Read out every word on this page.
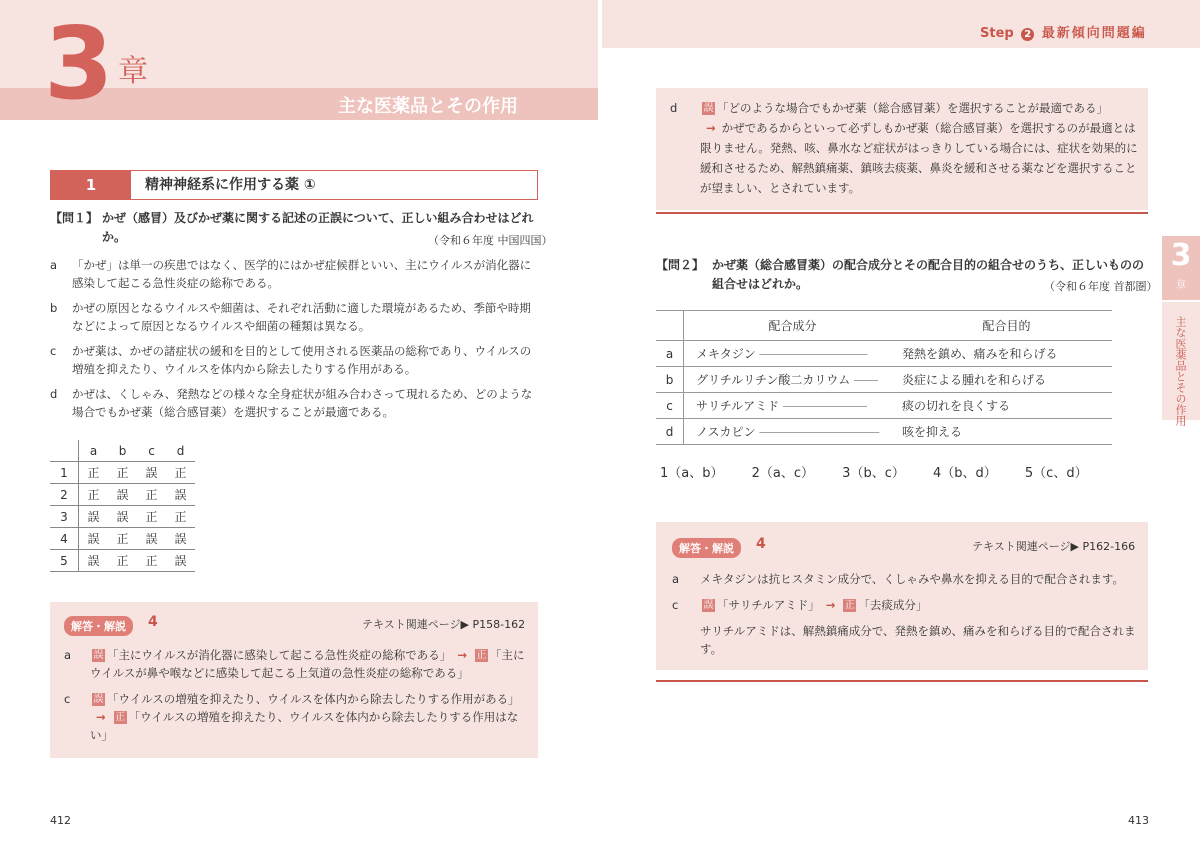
3 章
主な医薬品とその作用
1	精神神経系に作用する薬 ①
【問１】 かぜ（感冒）及びかぜ薬に関する記述の正誤について、正しい組み合わせはどれか。	（令和６年度 中国四国）
a 「かぜ」は単一の疾患ではなく、医学的にはかぜ症候群といい、主にウイルスが消化器に感染して起こる急性炎症の総称である。
b かぜの原因となるウイルスや細菌は、それぞれ活動に適した環境があるため、季節や時期などによって原因となるウイルスや細菌の種類は異なる。
c かぜ薬は、かぜの諸症状の緩和を目的として使用される医薬品の総称であり、ウイルスの増殖を抑えたり、ウイルスを体内から除去したりする作用がある。
d かぜは、くしゃみ、発熱などの様々な全身症状が組み合わさって現れるため、どのような場合でもかぜ薬（総合感冒薬）を選択することが最適である。
	a	b	c	d
1	正	正	誤	正
2	正	誤	正	誤
3	誤	誤	正	正
4	誤	正	誤	誤
5	誤	正	正	誤
解答・解説	4	テキスト関連ページ▶ P158-162
a	誤 「主にウイルスが消化器に感染して起こる急性炎症の総称である」 → 正 「主にウイルスが鼻や喉などに感染して起こる上気道の急性炎症の総称である」
c	誤 「ウイルスの増殖を抑えたり、ウイルスを体内から除去したりする作用がある」→ 正 「ウイルスの増殖を抑えたり、ウイルスを体内から除去したりする作用はない」
412
Step 2 最新傾向問題編
3
章
主な医薬品とその作用
d	誤 「どのような場合でもかぜ薬（総合感冒薬）を選択することが最適である」
→ かぜであるからといって必ずしもかぜ薬（総合感冒薬）を選択するのが最適とは限りません。発熱、咳、鼻水など症状がはっきりしている場合には、症状を効果的に緩和させるため、解熱鎮痛薬、鎮咳去痰薬、鼻炎を緩和させる薬などを選択することが望ましい、とされています。
【問２】 かぜ薬（総合感冒薬）の配合成分とその配合目的の組合せのうち、正しいものの組合せはどれか。	（令和６年度 首都圏）
	配合成分	配合目的
a	メキタジン ―――――――――	発熱を鎮め、痛みを和らげる
b	グリチルリチン酸二カリウム ――	炎症による腫れを和らげる
c	サリチルアミド ―――――――	痰の切れを良くする
d	ノスカピン ――――――――――	咳を抑える
1（a、b） 2（a、c） 3（b、c） 4（b、d） 5（c、d）
解答・解説	4	テキスト関連ページ▶ P162-166
a メキタジンは抗ヒスタミン成分で、くしゃみや鼻水を抑える目的で配合されます。
c	誤 「サリチルアミド」 → 正 「去痰成分」
サリチルアミドは、解熱鎮痛成分で、発熱を鎮め、痛みを和らげる目的で配合されます。
413
